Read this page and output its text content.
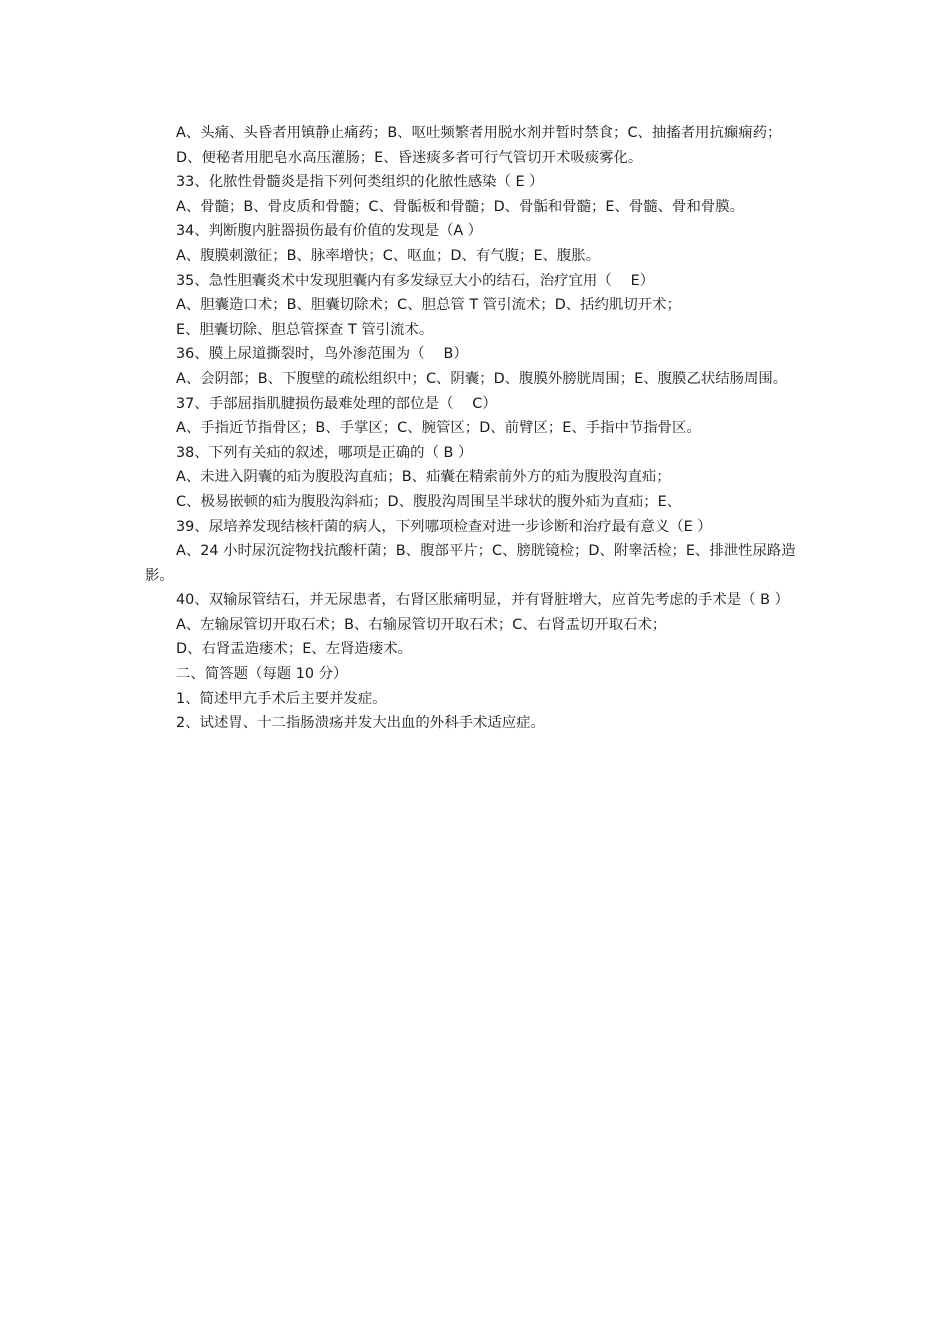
A、头痛、头昏者用镇静止痛药；B、呕吐频繁者用脱水剂并暂时禁食；C、抽搐者用抗癫痫药；

D、便秘者用肥皂水高压灌肠；E、昏迷痰多者可行气管切开术吸痰雾化。

33、化脓性骨髓炎是指下列何类组织的化脓性感染（ E ）

A、骨髓；B、骨皮质和骨髓；C、骨骺板和骨髓；D、骨骺和骨髓；E、骨髓、骨和骨膜。

34、判断腹内脏器损伤最有价值的发现是（A ）

A、腹膜刺激征；B、脉率增快；C、呕血；D、有气腹；E、腹胀。

35、急性胆囊炎术中发现胆囊内有多发绿豆大小的结石，治疗宜用（　 E）

A、胆囊造口术；B、胆囊切除术；C、胆总管 T 管引流术；D、括约肌切开术；

E、胆囊切除、胆总管探查 T 管引流术。

36、膜上尿道撕裂时，鸟外渗范围为（　 B）

A、会阴部；B、下腹壁的疏松组织中；C、阴囊；D、腹膜外膀胱周围；E、腹膜乙状结肠周围。

37、手部屈指肌腱损伤最难处理的部位是（　 C）

A、手指近节指骨区；B、手掌区；C、腕管区；D、前臂区；E、手指中节指骨区。

38、下列有关疝的叙述，哪项是正确的（ B ）

A、未进入阴囊的疝为腹股沟直疝；B、疝囊在精索前外方的疝为腹股沟直疝；

C、极易嵌顿的疝为腹股沟斜疝；D、腹股沟周围呈半球状的腹外疝为直疝；E、

39、尿培养发现结核杆菌的病人，下列哪项检查对进一步诊断和治疗最有意义（E ）

A、24 小时尿沉淀物找抗酸杆菌；B、腹部平片；C、膀胱镜检；D、附睾活检；E、排泄性尿路造影。

40、双输尿管结石，并无尿患者，右肾区胀痛明显，并有肾脏增大，应首先考虑的手术是（ B ）

A、左输尿管切开取石术；B、右输尿管切开取石术；C、右肾盂切开取石术；

D、右肾盂造瘘术；E、左肾造瘘术。

二、简答题（每题 10 分）

1、简述甲亢手术后主要并发症。

2、试述胃、十二指肠溃疡并发大出血的外科手术适应症。
